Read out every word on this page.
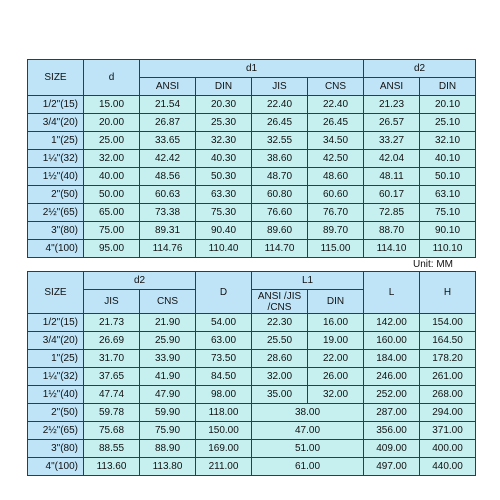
SIZE	d	d1				d2	
		ANSI	DIN	JIS	CNS	ANSI	DIN
1/2"(15)	15.00	21.54	20.30	22.40	22.40	21.23	20.10
3/4"(20)	20.00	26.87	25.30	26.45	26.45	26.57	25.10
1"(25)	25.00	33.65	32.30	32.55	34.50	33.27	32.10
1¼"(32)	32.00	42.42	40.30	38.60	42.50	42.04	40.10
1½"(40)	40.00	48.56	50.30	48.70	48.60	48.11	50.10
2"(50)	50.00	60.63	63.30	60.80	60.60	60.17	63.10
2½"(65)	65.00	73.38	75.30	76.60	76.70	72.85	75.10
3"(80)	75.00	89.31	90.40	89.60	89.70	88.70	90.10
4"(100)	95.00	114.76	110.40	114.70	115.00	114.10	110.10
Unit: MM
SIZE	d2		D	L1		L	H
	JIS	CNS		ANSI /JIS /CNS	DIN		
1/2"(15)	21.73	21.90	54.00	22.30	16.00	142.00	154.00
3/4"(20)	26.69	25.90	63.00	25.50	19.00	160.00	164.50
1"(25)	31.70	33.90	73.50	28.60	22.00	184.00	178.20
1¼"(32)	37.65	41.90	84.50	32.00	26.00	246.00	261.00
1½"(40)	47.74	47.90	98.00	35.00	32.00	252.00	268.00
2"(50)	59.78	59.90	118.00	38.00		287.00	294.00
2½"(65)	75.68	75.90	150.00	47.00		356.00	371.00
3"(80)	88.55	88.90	169.00	51.00		409.00	400.00
4"(100)	113.60	113.80	211.00	61.00		497.00	440.00
